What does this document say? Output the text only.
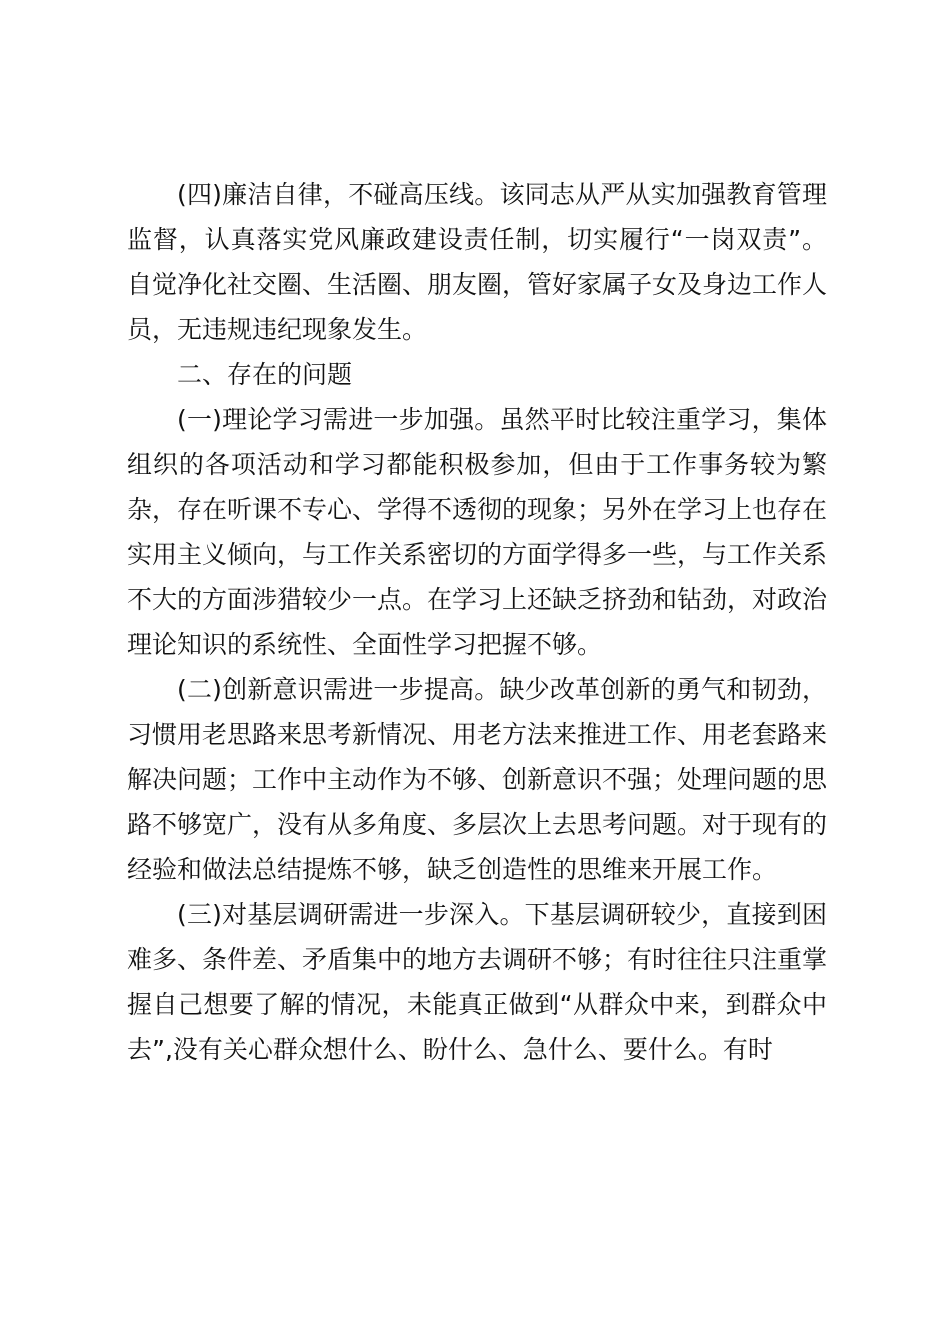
(四)廉洁自律，不碰高压线。该同志从严从实加强教育管理监督，认真落实党风廉政建设责任制，切实履行“一岗双责”。自觉净化社交圈、生活圈、朋友圈，管好家属子女及身边工作人员，无违规违纪现象发生。

二、存在的问题

(一)理论学习需进一步加强。虽然平时比较注重学习，集体组织的各项活动和学习都能积极参加，但由于工作事务较为繁杂，存在听课不专心、学得不透彻的现象；另外在学习上也存在实用主义倾向，与工作关系密切的方面学得多一些，与工作关系不大的方面涉猎较少一点。在学习上还缺乏挤劲和钻劲，对政治理论知识的系统性、全面性学习把握不够。

(二)创新意识需进一步提高。缺少改革创新的勇气和韧劲，习惯用老思路来思考新情况、用老方法来推进工作、用老套路来解决问题；工作中主动作为不够、创新意识不强；处理问题的思路不够宽广，没有从多角度、多层次上去思考问题。对于现有的经验和做法总结提炼不够，缺乏创造性的思维来开展工作。

(三)对基层调研需进一步深入。下基层调研较少，直接到困难多、条件差、矛盾集中的地方去调研不够；有时往往只注重掌握自己想要了解的情况，未能真正做到“从群众中来，到群众中去”,没有关心群众想什么、盼什么、急什么、要什么。有时
